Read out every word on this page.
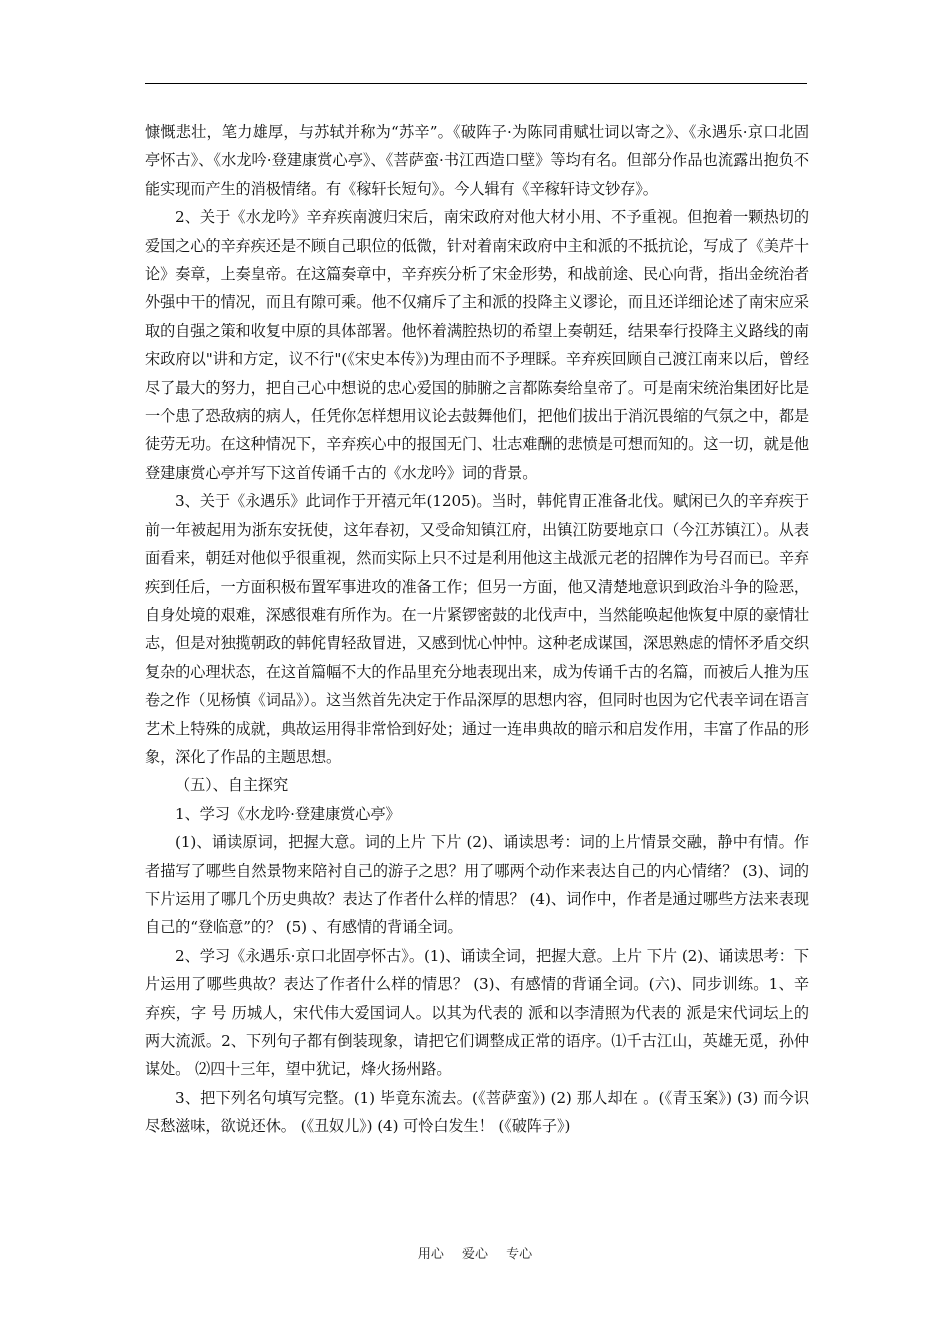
慷慨悲壮，笔力雄厚，与苏轼并称为“苏辛”。《破阵子·为陈同甫赋壮词以寄之》、《永遇乐·京口北固亭怀古》、《水龙吟·登建康赏心亭》、《菩萨蛮·书江西造口壁》等均有名。但部分作品也流露出抱负不能实现而产生的消极情绪。有《稼轩长短句》。今人辑有《辛稼轩诗文钞存》。

2、关于《水龙吟》辛弃疾南渡归宋后，南宋政府对他大材小用、不予重视。但抱着一颗热切的爱国之心的辛弃疾还是不顾自己职位的低微，针对着南宋政府中主和派的不抵抗论，写成了《美芹十论》奏章，上奏皇帝。在这篇奏章中，辛弃疾分析了宋金形势，和战前途、民心向背，指出金统治者外强中干的情况，而且有隙可乘。他不仅痛斥了主和派的投降主义谬论，而且还详细论述了南宋应采取的自强之策和收复中原的具体部署。他怀着满腔热切的希望上奏朝廷，结果奉行投降主义路线的南宋政府以"讲和方定，议不行"(《宋史本传》)为理由而不予理睬。辛弃疾回顾自己渡江南来以后，曾经尽了最大的努力，把自己心中想说的忠心爱国的肺腑之言都陈奏给皇帝了。可是南宋统治集团好比是一个患了恐敌病的病人，任凭你怎样想用议论去鼓舞他们，把他们拔出于消沉畏缩的气氛之中，都是徒劳无功。在这种情况下，辛弃疾心中的报国无门、壮志难酬的悲愤是可想而知的。这一切，就是他登建康赏心亭并写下这首传诵千古的《水龙吟》词的背景。

3、关于《永遇乐》此词作于开禧元年(1205)。当时，韩侂胄正准备北伐。赋闲已久的辛弃疾于前一年被起用为浙东安抚使，这年春初，又受命知镇江府，出镇江防要地京口（今江苏镇江）。从表面看来，朝廷对他似乎很重视，然而实际上只不过是利用他这主战派元老的招牌作为号召而已。辛弃疾到任后，一方面积极布置军事进攻的准备工作；但另一方面，他又清楚地意识到政治斗争的险恶，自身处境的艰难，深感很难有所作为。在一片紧锣密鼓的北伐声中，当然能唤起他恢复中原的豪情壮志，但是对独揽朝政的韩侂胄轻敌冒进，又感到忧心忡忡。这种老成谋国，深思熟虑的情怀矛盾交织复杂的心理状态，在这首篇幅不大的作品里充分地表现出来，成为传诵千古的名篇，而被后人推为压卷之作（见杨慎《词品》）。这当然首先决定于作品深厚的思想内容，但同时也因为它代表辛词在语言艺术上特殊的成就，典故运用得非常恰到好处；通过一连串典故的暗示和启发作用，丰富了作品的形象，深化了作品的主题思想。

（五）、自主探究

1、学习《水龙吟·登建康赏心亭》

(1)、诵读原词，把握大意。词的上片 下片 (2)、诵读思考：词的上片情景交融，静中有情。作者描写了哪些自然景物来陪衬自己的游子之思？用了哪两个动作来表达自己的内心情绪？ (3)、词的下片运用了哪几个历史典故？表达了作者什么样的情思？ (4)、词作中，作者是通过哪些方法来表现自己的“登临意”的？ (5) 、有感情的背诵全词。

2、学习《永遇乐·京口北固亭怀古》。(1)、诵读全词，把握大意。上片 下片 (2)、诵读思考：下片运用了哪些典故？表达了作者什么样的情思？ (3)、有感情的背诵全词。(六)、同步训练。1、辛弃疾，字 号 历城人，宋代伟大爱国词人。以其为代表的 派和以李清照为代表的 派是宋代词坛上的两大流派。2、下列句子都有倒装现象，请把它们调整成正常的语序。⑴千古江山，英雄无觅，孙仲谋处。 ⑵四十三年，望中犹记，烽火扬州路。

3、把下列名句填写完整。(1) 毕竟东流去。(《菩萨蛮》) (2) 那人却在 。(《青玉案》) (3) 而今识尽愁滋味，欲说还休。 (《丑奴儿》) (4) 可怜白发生！ (《破阵子》)

用心 爱心 专心
